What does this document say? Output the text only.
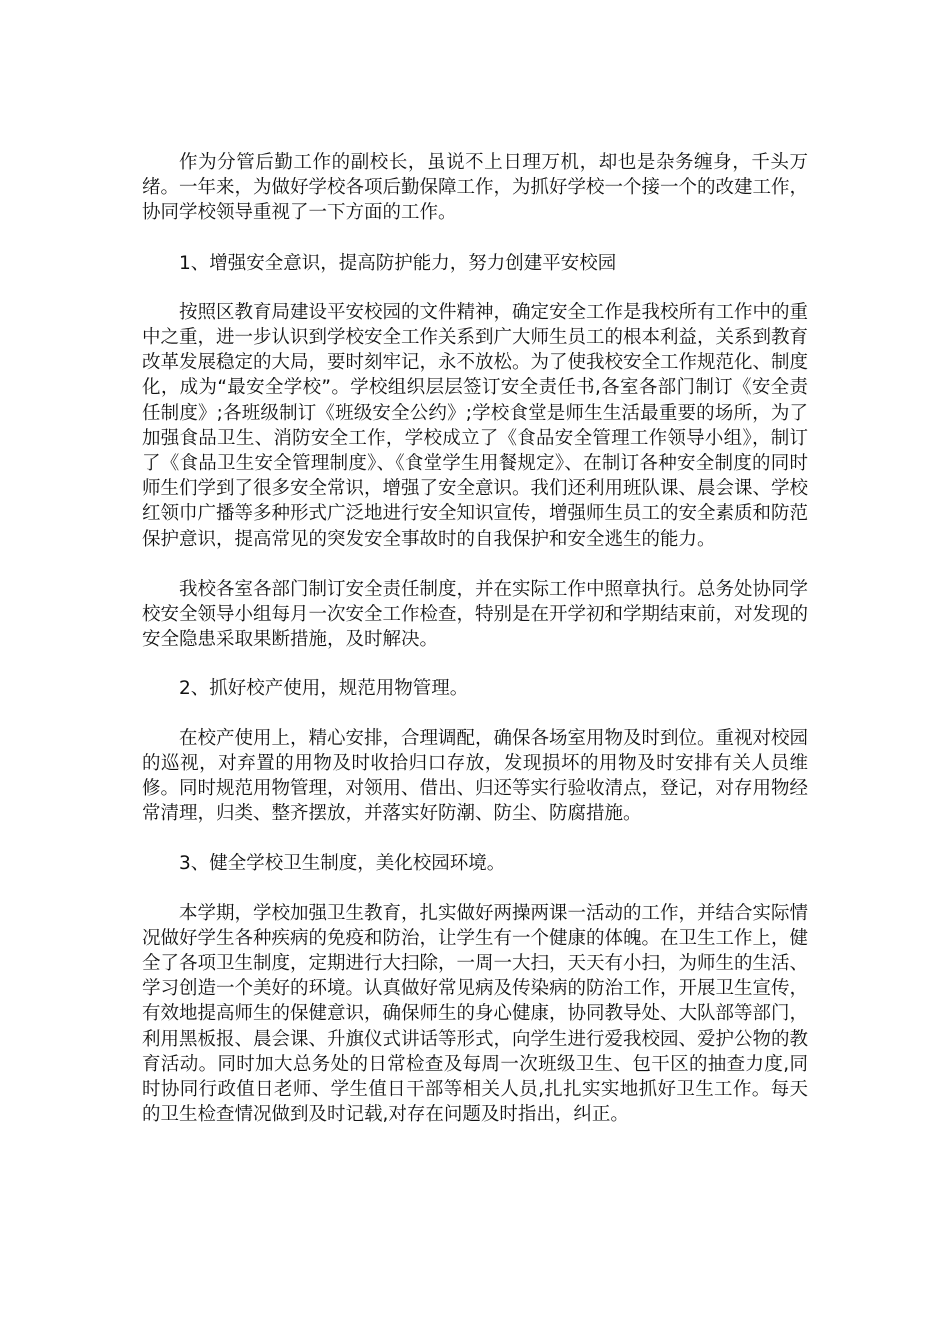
作为分管后勤工作的副校长，虽说不上日理万机，却也是杂务缠身，千头万绪。一年来，为做好学校各项后勤保障工作，为抓好学校一个接一个的改建工作，协同学校领导重视了一下方面的工作。

1、增强安全意识，提高防护能力，努力创建平安校园

按照区教育局建设平安校园的文件精神，确定安全工作是我校所有工作中的重中之重，进一步认识到学校安全工作关系到广大师生员工的根本利益，关系到教育改革发展稳定的大局，要时刻牢记，永不放松。为了使我校安全工作规范化、制度化，成为“最安全学校”。学校组织层层签订安全责任书,各室各部门制订《安全责任制度》;各班级制订《班级安全公约》;学校食堂是师生生活最重要的场所，为了加强食品卫生、消防安全工作，学校成立了《食品安全管理工作领导小组》，制订了《食品卫生安全管理制度》、《食堂学生用餐规定》、在制订各种安全制度的同时师生们学到了很多安全常识，增强了安全意识。我们还利用班队课、晨会课、学校红领巾广播等多种形式广泛地进行安全知识宣传，增强师生员工的安全素质和防范保护意识，提高常见的突发安全事故时的自我保护和安全逃生的能力。

我校各室各部门制订安全责任制度，并在实际工作中照章执行。总务处协同学校安全领导小组每月一次安全工作检查，特别是在开学初和学期结束前，对发现的安全隐患采取果断措施，及时解决。

2、抓好校产使用，规范用物管理。

在校产使用上，精心安排，合理调配，确保各场室用物及时到位。重视对校园的巡视，对弃置的用物及时收拾归口存放，发现损坏的用物及时安排有关人员维修。同时规范用物管理，对领用、借出、归还等实行验收清点，登记，对存用物经常清理，归类、整齐摆放，并落实好防潮、防尘、防腐措施。

3、健全学校卫生制度，美化校园环境。

本学期，学校加强卫生教育，扎实做好两操两课一活动的工作，并结合实际情况做好学生各种疾病的免疫和防治，让学生有一个健康的体魄。在卫生工作上，健全了各项卫生制度，定期进行大扫除，一周一大扫，天天有小扫，为师生的生活、学习创造一个美好的环境。认真做好常见病及传染病的防治工作，开展卫生宣传，有效地提高师生的保健意识，确保师生的身心健康，协同教导处、大队部等部门，利用黑板报、晨会课、升旗仪式讲话等形式，向学生进行爱我校园、爱护公物的教育活动。同时加大总务处的日常检查及每周一次班级卫生、包干区的抽查力度,同时协同行政值日老师、学生值日干部等相关人员,扎扎实实地抓好卫生工作。每天的卫生检查情况做到及时记载,对存在问题及时指出，纠正。
